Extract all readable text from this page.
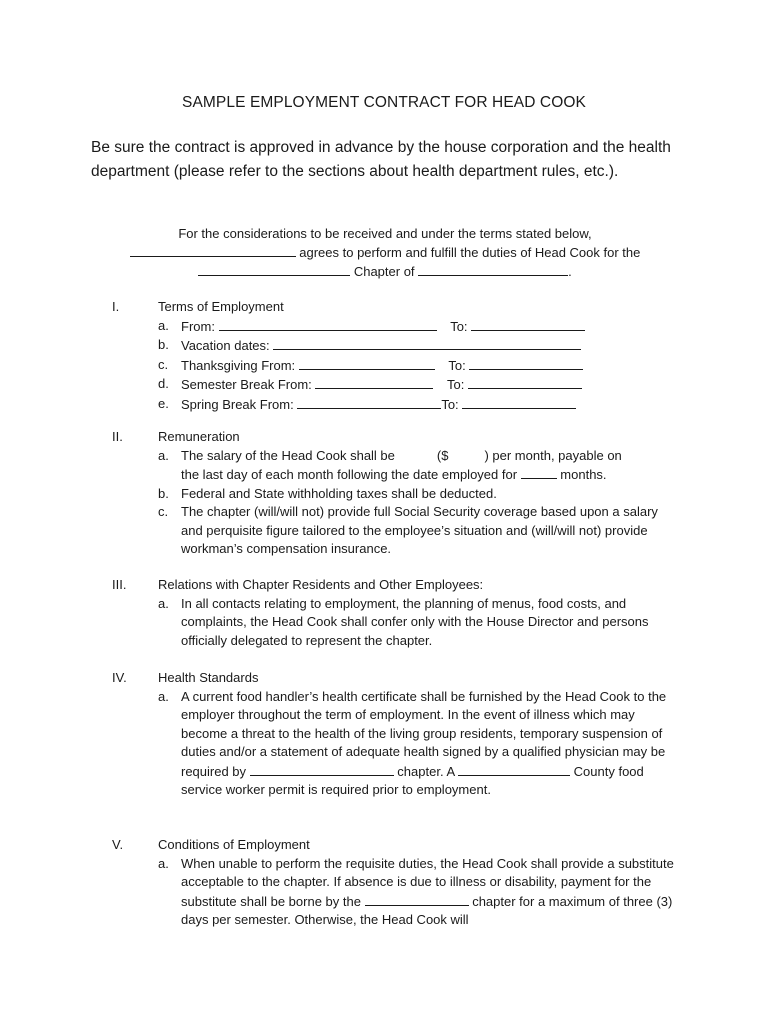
SAMPLE EMPLOYMENT CONTRACT FOR HEAD COOK
Be sure the contract is approved in advance by the house corporation and the health department (please refer to the sections about health department rules, etc.).
For the considerations to be received and under the terms stated below,
agrees to perform and fulfill the duties of Head Cook for the
Chapter of	.
I.	Terms of Employment
a. From:	To:
b. Vacation dates:
c. Thanksgiving From:	To:
d. Semester Break From:	To:
e. Spring Break From:	To:
II.	Remuneration
a. The salary of the Head Cook shall be	($	) per month, payable on
the last day of each month following the date employed for	months.
b. Federal and State withholding taxes shall be deducted.
c. The chapter (will/will not) provide full Social Security coverage based upon a salary and perquisite figure tailored to the employee’s situation and (will/will not) provide workman’s compensation insurance.
III. Relations with Chapter Residents and Other Employees:
a. In all contacts relating to employment, the planning of menus, food costs, and complaints, the Head Cook shall confer only with the House Director and persons officially delegated to represent the chapter.
IV. Health Standards
a. A current food handler’s health certificate shall be furnished by the Head Cook to the employer throughout the term of employment. In the event of illness which may become a threat to the health of the living group residents, temporary suspension of duties and/or a statement of adequate health signed by a qualified physician may be required by	chapter. A	County food service worker permit is required prior to employment.
V.	Conditions of Employment
a. When unable to perform the requisite duties, the Head Cook shall provide a substitute acceptable to the chapter. If absence is due to illness or disability, payment for the substitute shall be borne by the	chapter for a maximum of three (3) days per semester. Otherwise, the Head Cook will
